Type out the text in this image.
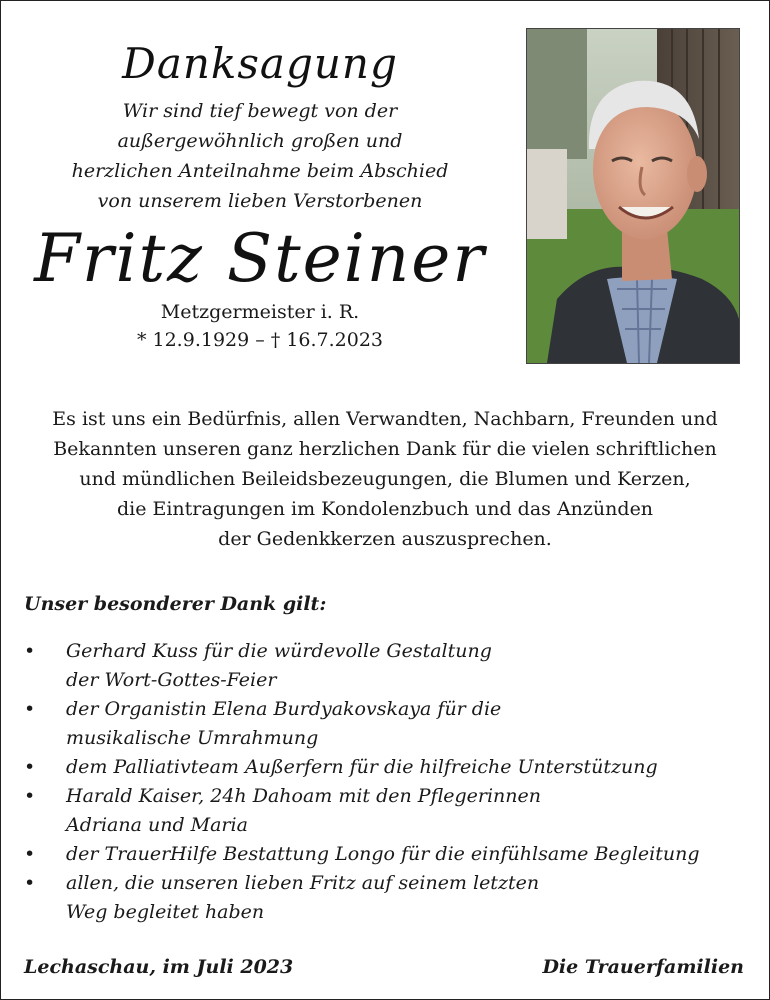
Danksagung

Wir sind tief bewegt von der
außergewöhnlich großen und
herzlichen Anteilnahme beim Abschied
von unserem lieben Verstorbenen

Fritz Steiner

Metzgermeister i. R.

* 12.9.1929 – † 16.7.2023

Es ist uns ein Bedürfnis, allen Verwandten, Nachbarn, Freunden und
Bekannten unseren ganz herzlichen Dank für die vielen schriftlichen
und mündlichen Beileidsbezeugungen, die Blumen und Kerzen,
die Eintragungen im Kondolenzbuch und das Anzünden
der Gedenkkerzen auszusprechen.

Unser besonderer Dank gilt:

• Gerhard Kuss für die würdevolle Gestaltung
der Wort-Gottes-Feier
• der Organistin Elena Burdyakovskaya für die
musikalische Umrahmung
• dem Palliativteam Außerfern für die hilfreiche Unterstützung
• Harald Kaiser, 24h Dahoam mit den Pflegerinnen
Adriana und Maria
• der TrauerHilfe Bestattung Longo für die einfühlsame Begleitung
• allen, die unseren lieben Fritz auf seinem letzten
Weg begleitet haben

Lechaschau, im Juli 2023	Die Trauerfamilien
